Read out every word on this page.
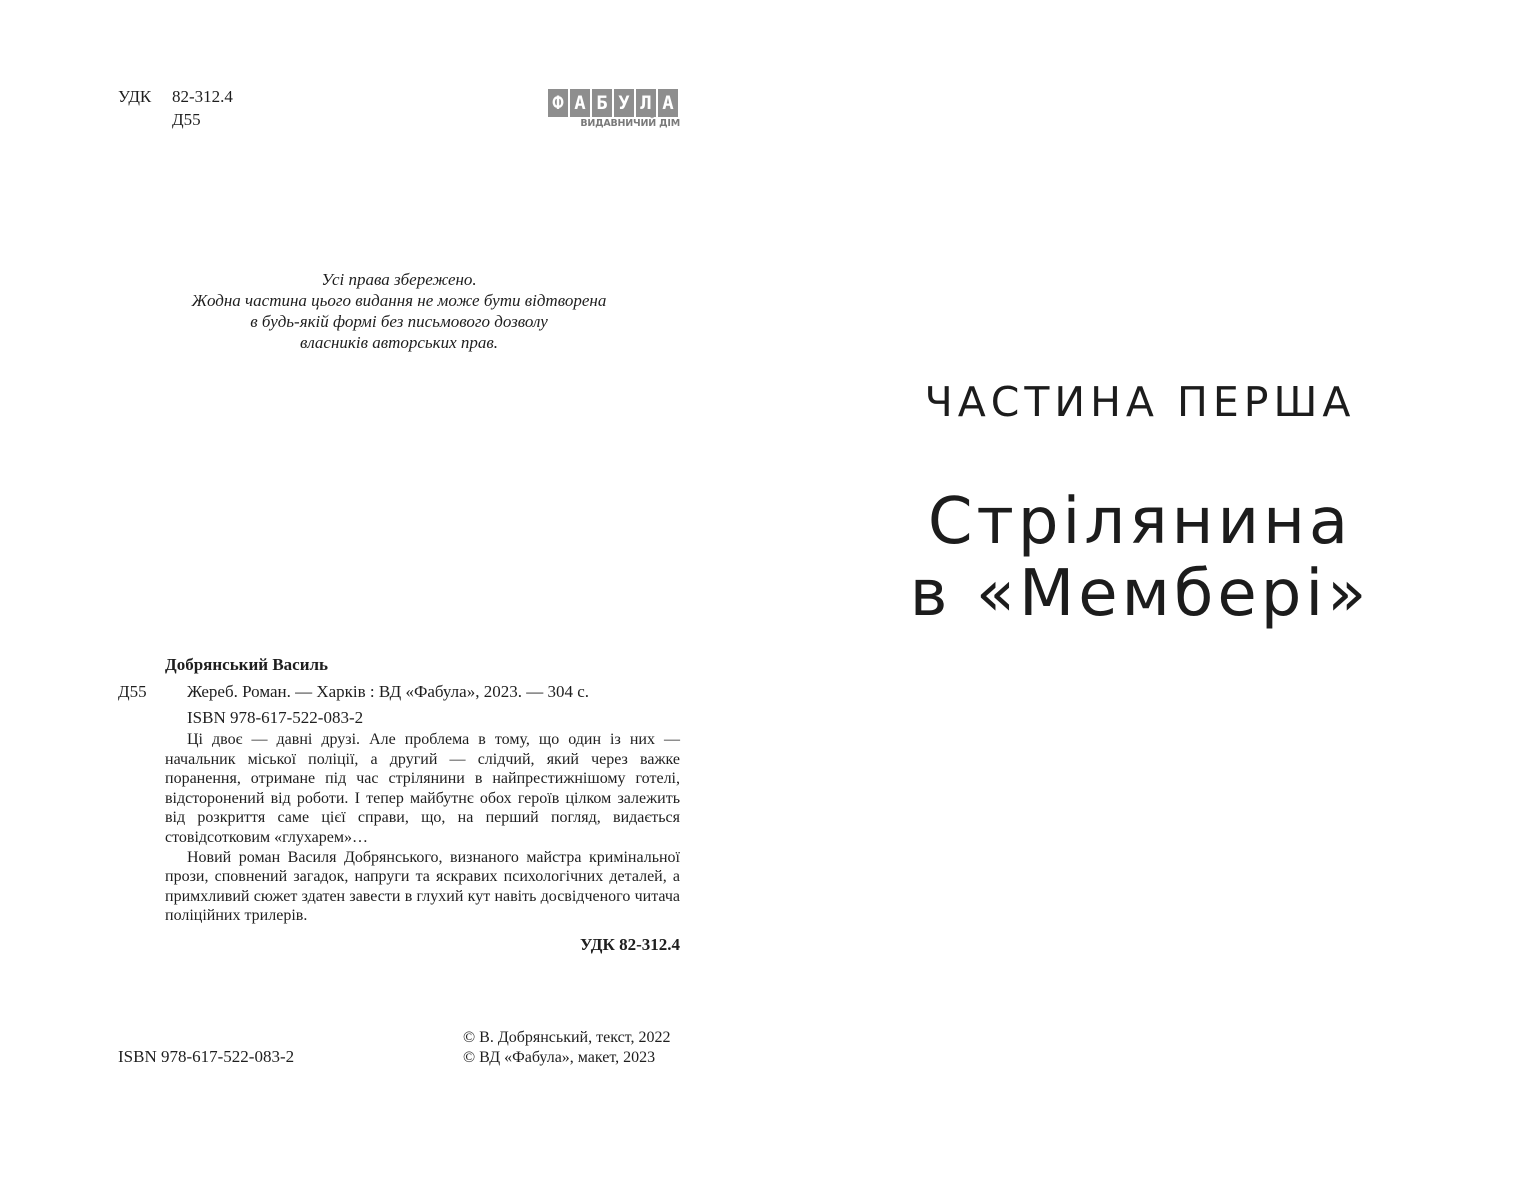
УДК 82-312.4
Д55
Ф А Б У Л А
ВИДАВНИЧИЙ ДІМ
Усі права збережено.
Жодна частина цього видання не може бути відтворена
в будь-якій формі без письмового дозволу
власників авторських прав.
Добрянський Василь
Д55 Жереб. Роман. — Харків : ВД «Фабула», 2023. — 304 с.
ISBN 978-617-522-083-2

Ці двоє — давні друзі. Але проблема в тому, що один із них — начальник міської поліції, а другий — слідчий, який через важке поранення, отримане під час стрілянини в найпрестижнішому готелі, відсторонений від роботи. І тепер майбутнє обох героїв цілком залежить від розкриття саме цієї справи, що, на перший погляд, видається стовідсотковим «глухарем»…

Новий роман Василя Добрянського, визнаного майстра кримінальної прози, сповнений загадок, напруги та яскравих психологічних деталей, а примхливий сюжет здатен завести в глухий кут навіть досвідченого читача поліційних трилерів.

УДК 82-312.4
ISBN 978-617-522-083-2
© В. Добрянський, текст, 2022
© ВД «Фабула», макет, 2023
ЧАСТИНА ПЕРША
Стрілянина
в «Мембері»
